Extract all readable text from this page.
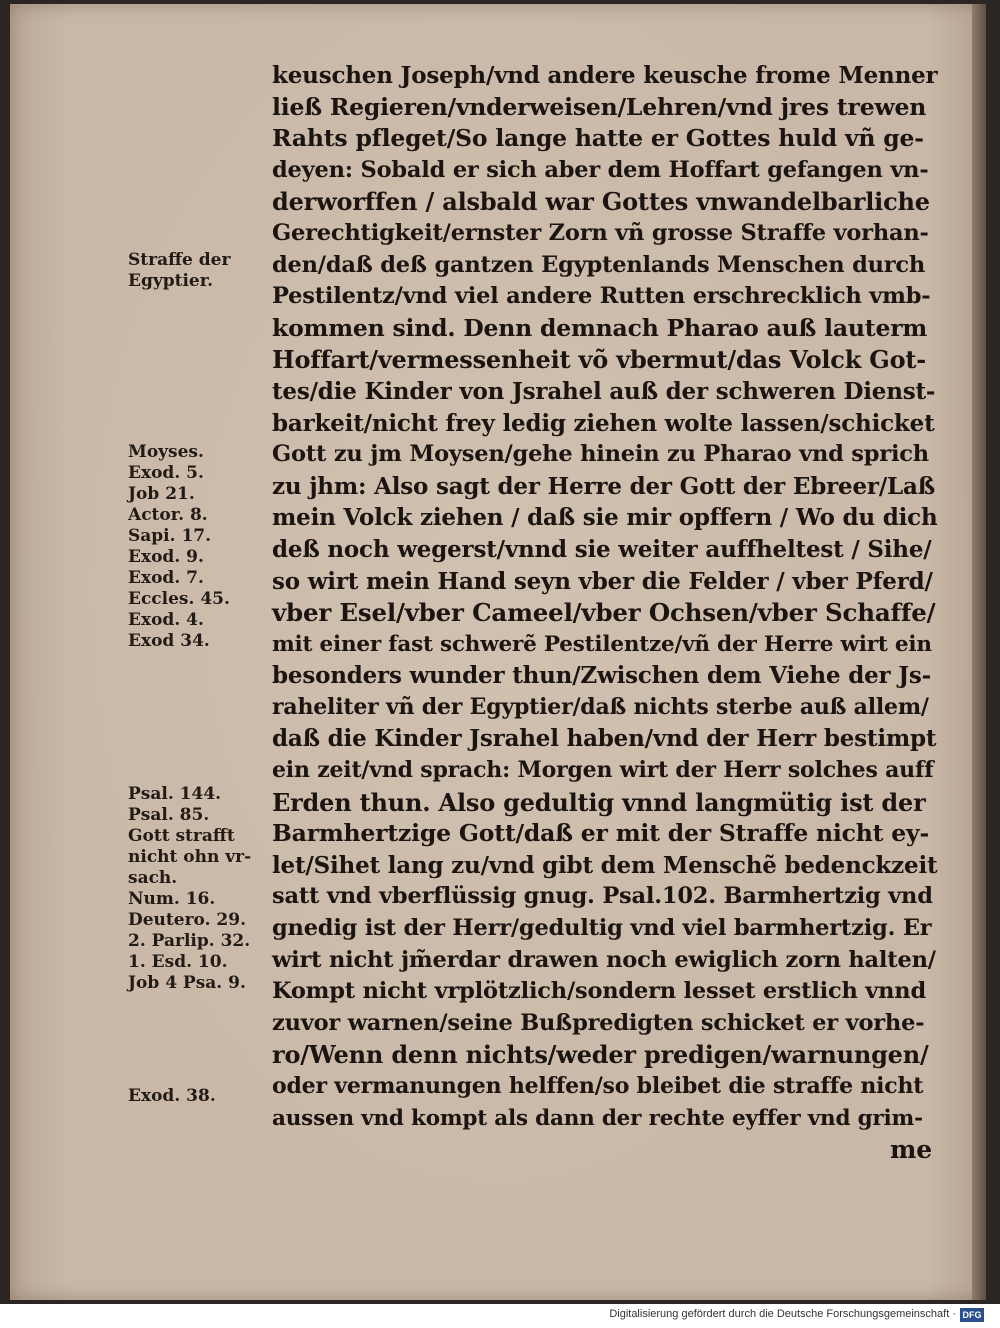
Straffe der
Egyptier.
Moyses.
Exod. 5.
Job 21.
Actor. 8.
Sapi. 17.
Exod. 9.
Exod. 7.
Eccles. 45.
Exod. 4.
Exod 34.
Psal. 144.
Psal. 85.
Gott strafft
nicht ohn vr-
sach.
Num. 16.
Deutero. 29.
2. Parlip. 32.
1. Esd. 10.
Job 4 Psa. 9.
Exod. 38.
keuschen Joseph/vnd andere keusche frome Menner
ließ Regieren/vnderweisen/Lehren/vnd jres trewen
Rahts pfleget/So lange hatte er Gottes huld vñ ge-
deyen: Sobald er sich aber dem Hoffart gefangen vn-
derworffen / alsbald war Gottes vnwandelbarliche
Gerechtigkeit/ernster Zorn vñ grosse Straffe vorhan-
den/daß deß gantzen Egyptenlands Menschen durch
Pestilentz/vnd viel andere Rutten erschrecklich vmb-
kommen sind. Denn demnach Pharao auß lauterm
Hoffart/vermessenheit võ vbermut/das Volck Got-
tes/die Kinder von Jsrahel auß der schweren Dienst-
barkeit/nicht frey ledig ziehen wolte lassen/schicket
Gott zu jm Moysen/gehe hinein zu Pharao vnd sprich
zu jhm: Also sagt der Herre der Gott der Ebreer/Laß
mein Volck ziehen / daß sie mir opffern / Wo du dich
deß noch wegerst/vnnd sie weiter auffheltest / Sihe/
so wirt mein Hand seyn vber die Felder / vber Pferd/
vber Esel/vber Cameel/vber Ochsen/vber Schaffe/
mit einer fast schwerẽ Pestilentze/vñ der Herre wirt ein
besonders wunder thun/Zwischen dem Viehe der Js-
raheliter vñ der Egyptier/daß nichts sterbe auß allem/
daß die Kinder Jsrahel haben/vnd der Herr bestimpt
ein zeit/vnd sprach: Morgen wirt der Herr solches auff
Erden thun. Also gedultig vnnd langmütig ist der
Barmhertzige Gott/daß er mit der Straffe nicht ey-
let/Sihet lang zu/vnd gibt dem Menschẽ bedenckzeit
satt vnd vberflüssig gnug. Psal.102. Barmhertzig vnd
gnedig ist der Herr/gedultig vnd viel barmhertzig. Er
wirt nicht jm̃erdar drawen noch ewiglich zorn halten/
Kompt nicht vrplötzlich/sondern lesset erstlich vnnd
zuvor warnen/seine Bußpredigten schicket er vorhe-
ro/Wenn denn nichts/weder predigen/warnungen/
oder vermanungen helffen/so bleibet die straffe nicht
aussen vnd kompt als dann der rechte eyffer vnd grim-
me
Digitalisierung gefördert durch die Deutsche Forschungsgemeinschaft · DFG
